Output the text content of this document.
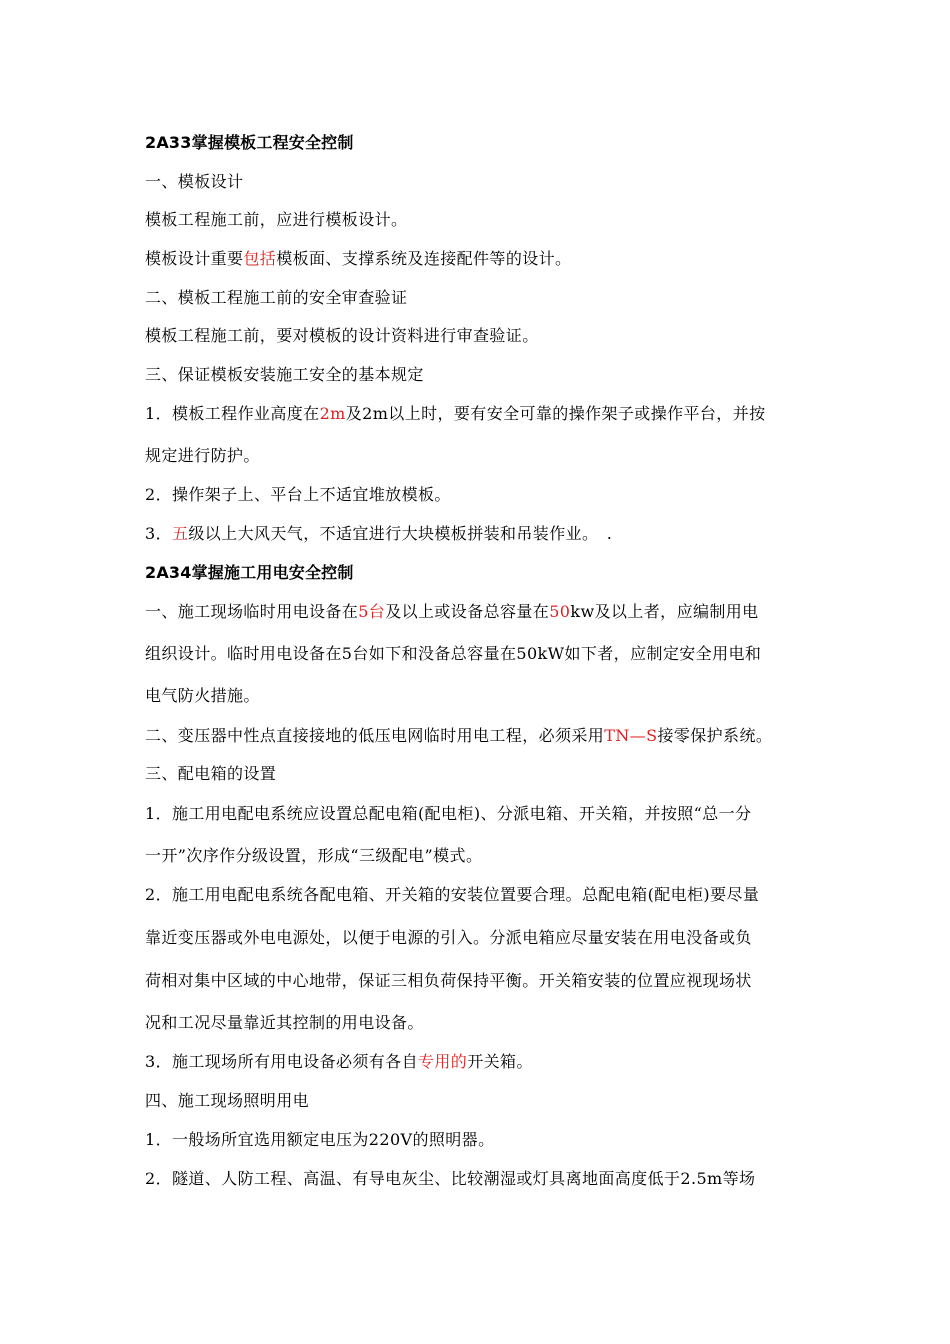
2A33掌握模板工程安全控制
一、模板设计
模板工程施工前，应进行模板设计。
模板设计重要包括模板面、支撑系统及连接配件等的设计。
二、模板工程施工前的安全审查验证
模板工程施工前，要对模板的设计资料进行审查验证。
三、保证模板安装施工安全的基本规定
1．模板工程作业高度在2m及2m以上时，要有安全可靠的操作架子或操作平台，并按
规定进行防护。
2．操作架子上、平台上不适宜堆放模板。
3．五级以上大风天气，不适宜进行大块模板拼装和吊装作业。　.
2A34掌握施工用电安全控制
一、施工现场临时用电设备在5台及以上或设备总容量在50kw及以上者，应编制用电
组织设计。临时用电设备在5台如下和没备总容量在50kW如下者，应制定安全用电和
电气防火措施。
二、变压器中性点直接接地的低压电网临时用电工程，必须采用TN—S接零保护系统。
三、配电箱的设置
1．施工用电配电系统应设置总配电箱(配电柜)、分派电箱、开关箱，并按照“总一分
一开”次序作分级设置，形成“三级配电”模式。
2．施工用电配电系统各配电箱、开关箱的安装位置要合理。总配电箱(配电柜)要尽量
靠近变压器或外电电源处，以便于电源的引入。分派电箱应尽量安装在用电没备或负
荷相对集中区域的中心地带，保证三相负荷保持平衡。开关箱安装的位置应视现场状
况和工况尽量靠近其控制的用电设备。
3．施工现场所有用电设备必须有各自专用的开关箱。
四、施工现场照明用电
1．一般场所宜选用额定电压为220V的照明器。
2．隧道、人防工程、高温、有导电灰尘、比较潮湿或灯具离地面高度低于2.5m等场
